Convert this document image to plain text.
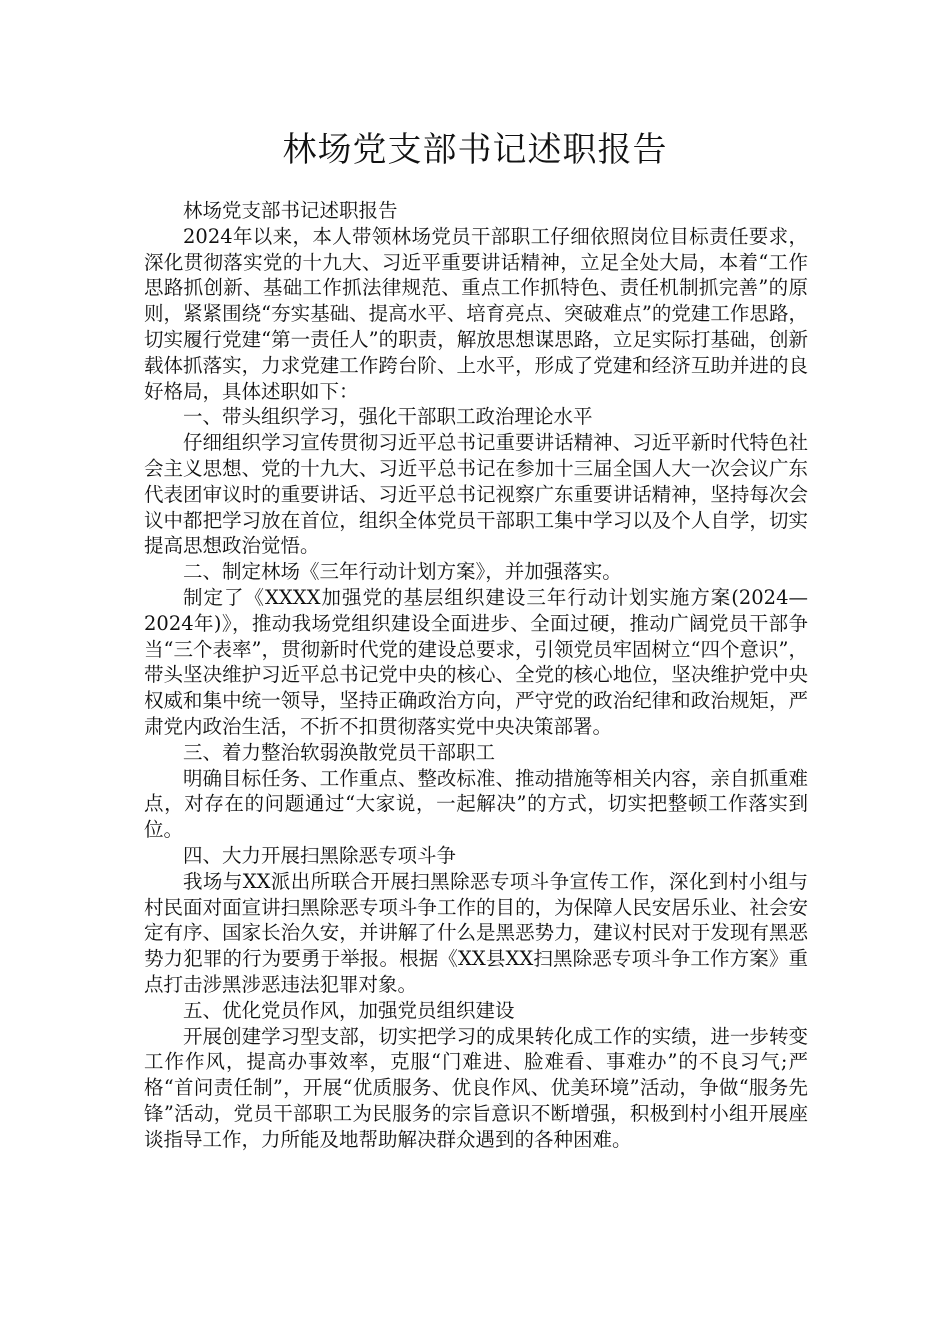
林场党支部书记述职报告

林场党支部书记述职报告

2024年以来，本人带领林场党员干部职工仔细依照岗位目标责任要求，深化贯彻落实党的十九大、习近平重要讲话精神，立足全处大局，本着“工作思路抓创新、基础工作抓法律规范、重点工作抓特色、责任机制抓完善”的原则，紧紧围绕“夯实基础、提高水平、培育亮点、突破难点”的党建工作思路，切实履行党建“第一责任人”的职责，解放思想谋思路，立足实际打基础，创新载体抓落实，力求党建工作跨台阶、上水平，形成了党建和经济互助并进的良好格局，具体述职如下：

一、带头组织学习，强化干部职工政治理论水平

仔细组织学习宣传贯彻习近平总书记重要讲话精神、习近平新时代特色社会主义思想、党的十九大、习近平总书记在参加十三届全国人大一次会议广东代表团审议时的重要讲话、习近平总书记视察广东重要讲话精神，坚持每次会议中都把学习放在首位，组织全体党员干部职工集中学习以及个人自学，切实提高思想政治觉悟。

二、制定林场《三年行动计划方案》，并加强落实。

制定了《XXXX加强党的基层组织建设三年行动计划实施方案(2024—2024年)》，推动我场党组织建设全面进步、全面过硬，推动广阔党员干部争当“三个表率”，贯彻新时代党的建设总要求，引领党员牢固树立“四个意识”，带头坚决维护习近平总书记党中央的核心、全党的核心地位，坚决维护党中央权威和集中统一领导，坚持正确政治方向，严守党的政治纪律和政治规矩，严肃党内政治生活，不折不扣贯彻落实党中央决策部署。

三、着力整治软弱涣散党员干部职工

明确目标任务、工作重点、整改标准、推动措施等相关内容，亲自抓重难点，对存在的问题通过“大家说，一起解决”的方式，切实把整顿工作落实到位。

四、大力开展扫黑除恶专项斗争

我场与XX派出所联合开展扫黑除恶专项斗争宣传工作，深化到村小组与村民面对面宣讲扫黑除恶专项斗争工作的目的，为保障人民安居乐业、社会安定有序、国家长治久安，并讲解了什么是黑恶势力，建议村民对于发现有黑恶势力犯罪的行为要勇于举报。根据《XX县XX扫黑除恶专项斗争工作方案》重点打击涉黑涉恶违法犯罪对象。

五、优化党员作风，加强党员组织建设

开展创建学习型支部，切实把学习的成果转化成工作的实绩，进一步转变工作作风，提高办事效率，克服“门难进、脸难看、事难办”的不良习气;严格“首问责任制”，开展“优质服务、优良作风、优美环境”活动，争做“服务先锋”活动，党员干部职工为民服务的宗旨意识不断增强，积极到村小组开展座谈指导工作，力所能及地帮助解决群众遇到的各种困难。
